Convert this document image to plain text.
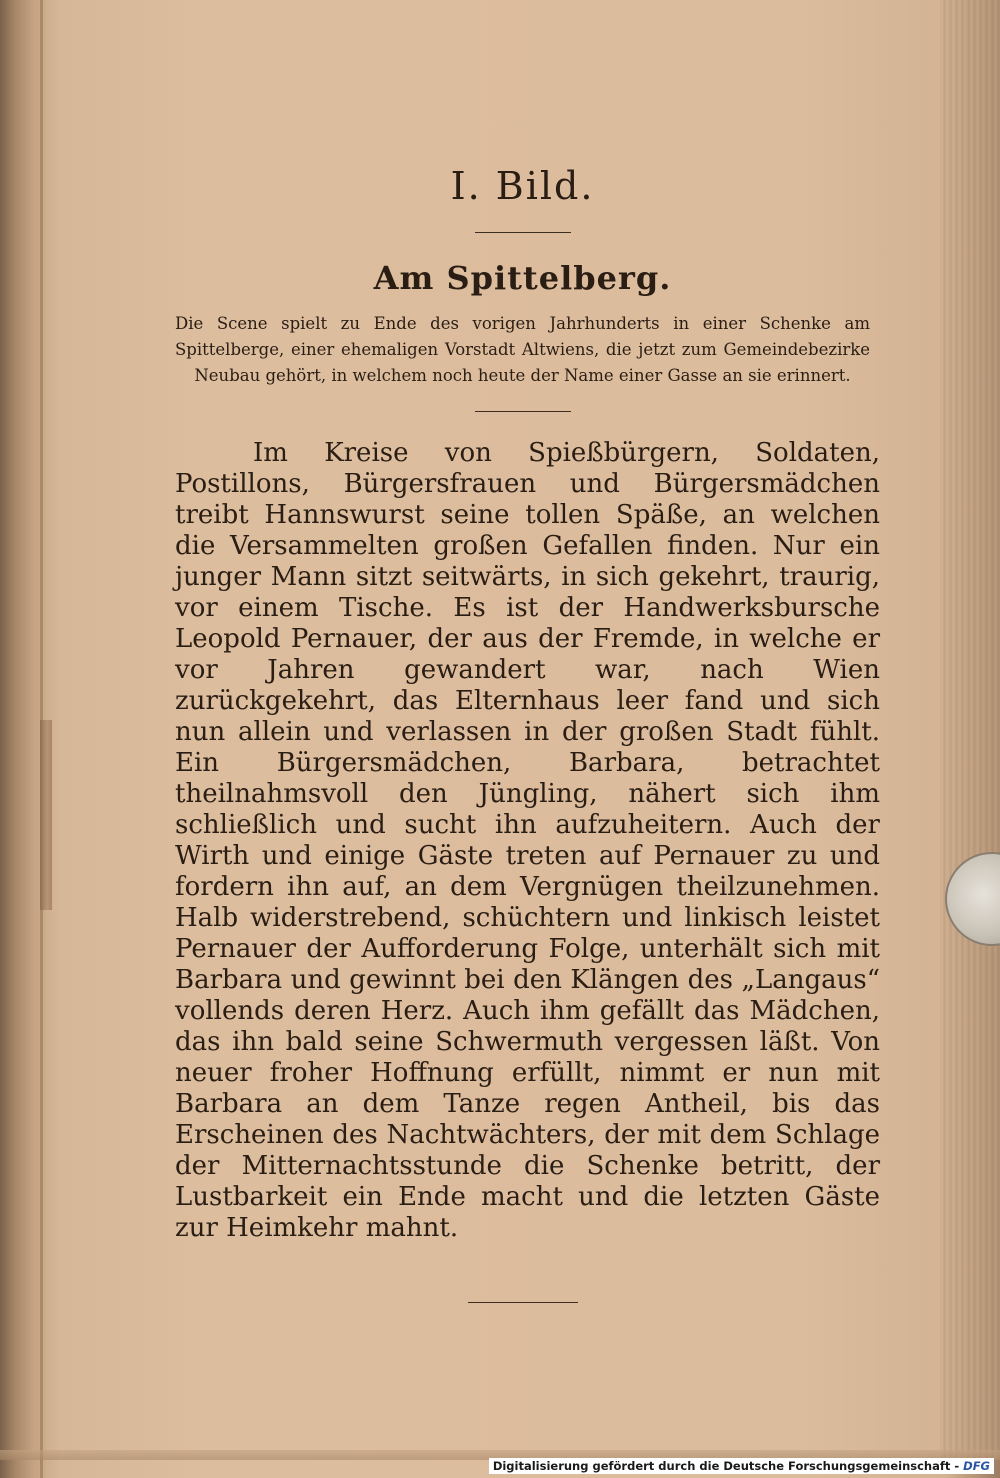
I. Bild.
Am Spittelberg.
Die Scene spielt zu Ende des vorigen Jahrhunderts in einer Schenke am Spittelberge, einer ehemaligen Vorstadt Altwiens, die jetzt zum Gemeindebezirke Neubau gehört, in welchem noch heute der Name einer Gasse an sie erinnert.
Im Kreise von Spießbürgern, Soldaten, Postillons, Bürgersfrauen und Bürgersmädchen treibt Hannswurst seine tollen Späße, an welchen die Versammelten großen Gefallen finden. Nur ein junger Mann sitzt seitwärts, in sich gekehrt, traurig, vor einem Tische. Es ist der Handwerksbursche Leopold Pernauer, der aus der Fremde, in welche er vor Jahren gewandert war, nach Wien zurückgekehrt, das Elternhaus leer fand und sich nun allein und verlassen in der großen Stadt fühlt. Ein Bürgersmädchen, Barbara, betrachtet theilnahmsvoll den Jüngling, nähert sich ihm schließlich und sucht ihn aufzuheitern. Auch der Wirth und einige Gäste treten auf Pernauer zu und fordern ihn auf, an dem Vergnügen theilzunehmen. Halb widerstrebend, schüchtern und linkisch leistet Pernauer der Aufforderung Folge, unterhält sich mit Barbara und gewinnt bei den Klängen des „Langaus“ vollends deren Herz. Auch ihm gefällt das Mädchen, das ihn bald seine Schwermuth vergessen läßt. Von neuer froher Hoffnung erfüllt, nimmt er nun mit Barbara an dem Tanze regen Antheil, bis das Erscheinen des Nachtwächters, der mit dem Schlage der Mitternachtsstunde die Schenke betritt, der Lustbarkeit ein Ende macht und die letzten Gäste zur Heimkehr mahnt.
Digitalisierung gefördert durch die Deutsche Forschungsgemeinschaft - DFG
